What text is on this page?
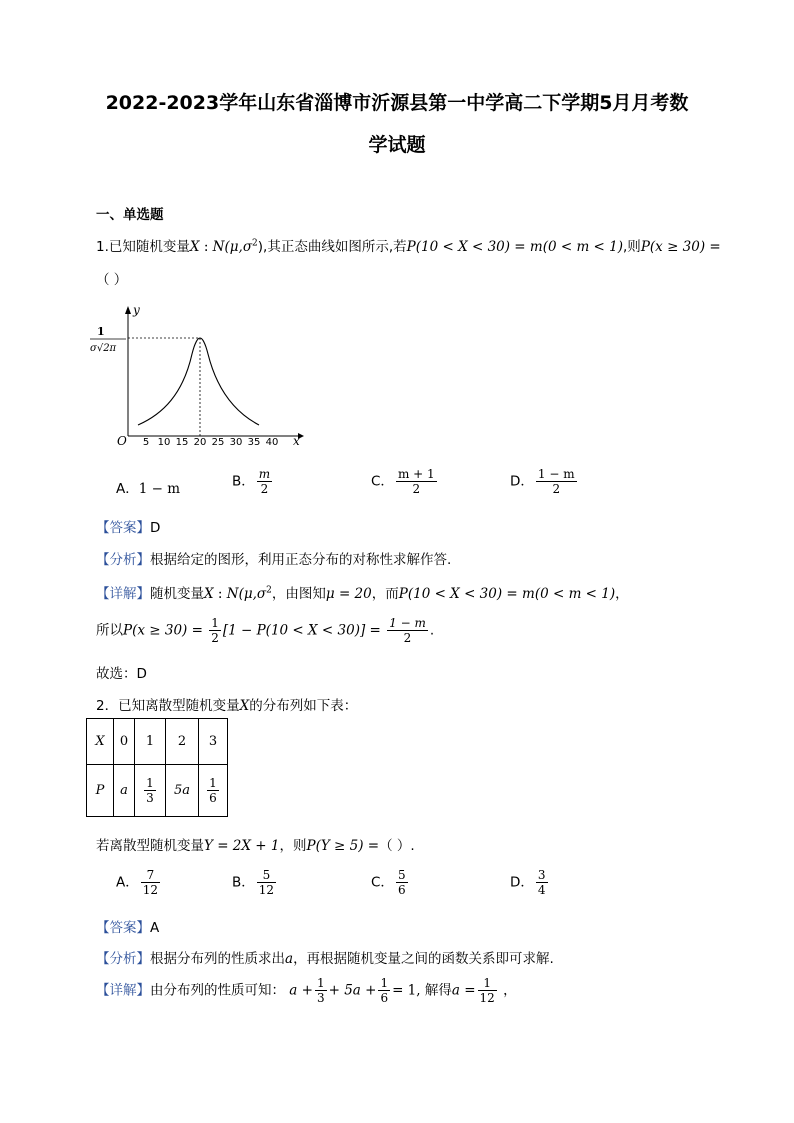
2022-2023学年山东省淄博市沂源县第一中学高二下学期5月月考数
学试题
一、单选题
1.已知随机变量X : $N(\mu,\sigma^2)$,其正态曲线如图所示,若P(10 < X < 30) = m(0 < m < 1),则P(x ≥ 30) =
（ ）
y
x
O
1
σ√2π
5 10 15 20 25 30 35 40
A．1 − m	B． $\frac{m}{2}$	C． $\frac{m + 1}{2}$	D． $\frac{1 - m}{2}$
【答案】D
【分析】根据给定的图形，利用正态分布的对称性求解作答.
【详解】随机变量X : $N(\mu,\sigma^2$，由图知μ = 20，而P(10 < X < 30) = m(0 < m < 1)，
所以$P(x \ge 30) = \frac{1}{2} [1 - P(10 < X < 30)] = \frac{1 - m}{2}$ .
故选：D
2．已知离散型随机变量X的分布列如下表：
X	0	1	2	3
P	a	$\frac{1}{3}$	5a	$\frac{1}{6}$
若离散型随机变量Y = 2X + 1，则P(Y ≥ 5) =（ ）.
A． $\frac{7}{12}$	B． $\frac{5}{12}$	C． $\frac{5}{6}$	D． $\frac{3}{4}$
【答案】A
【分析】根据分布列的性质求出a，再根据随机变量之间的函数关系即可求解.
【详解】由分布列的性质可知： $a + \frac{1}{3} + 5a + \frac{1}{6} = 1$, 解得$a = \frac{1}{12}$ ，
